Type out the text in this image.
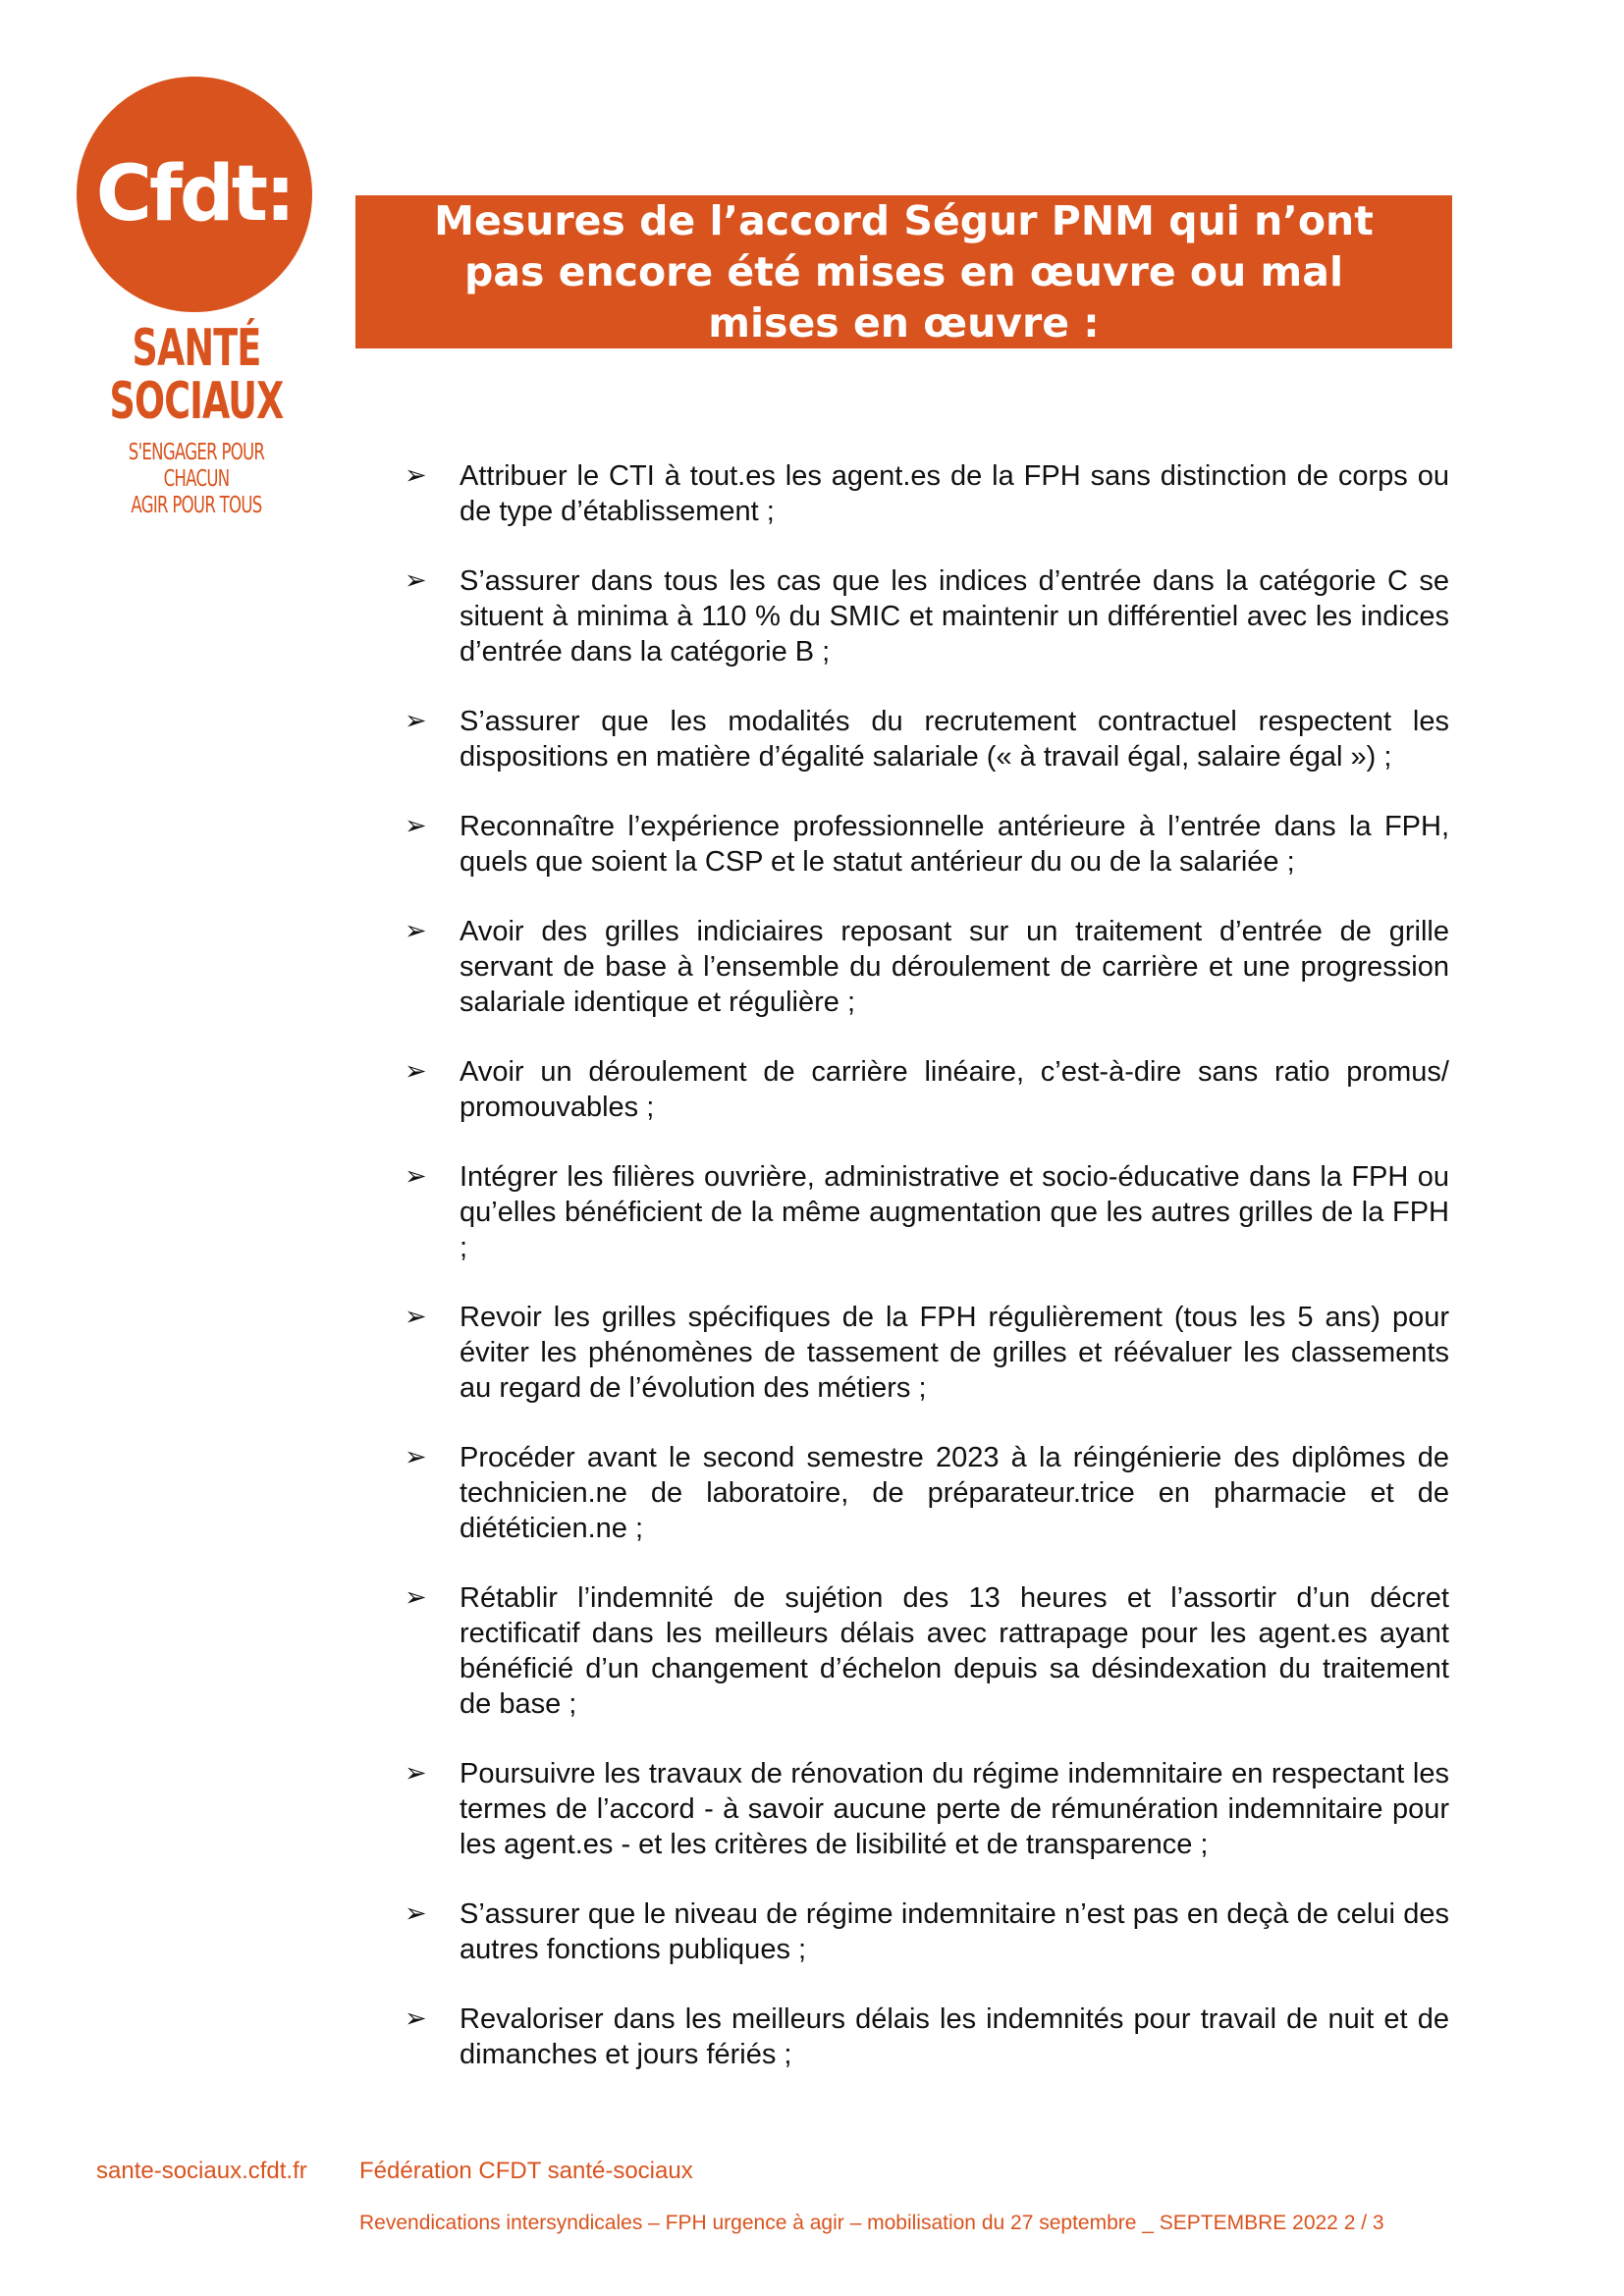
Cfdt:
SANTÉ
SOCIAUX
S'ENGAGER POUR CHACUN
AGIR POUR TOUS
Mesures de l’accord Ségur PNM qui n’ont pas encore été mises en œuvre ou mal mises en œuvre :
➢ Attribuer le CTI à tout.es les agent.es de la FPH sans distinction de corps ou de type d’établissement ;
➢ S’assurer dans tous les cas que les indices d’entrée dans la catégorie C se situent à minima à 110 % du SMIC et maintenir un différentiel avec les indices d’entrée dans la catégorie B ;
➢ S’assurer que les modalités du recrutement contractuel respectent les dispositions en matière d’égalité salariale (« à travail égal, salaire égal ») ;
➢ Reconnaître l’expérience professionnelle antérieure à l’entrée dans la FPH, quels que soient la CSP et le statut antérieur du ou de la salariée ;
➢ Avoir des grilles indiciaires reposant sur un traitement d’entrée de grille servant de base à l’ensemble du déroulement de carrière et une progression salariale identique et régulière ;
➢ Avoir un déroulement de carrière linéaire, c’est-à-dire sans ratio promus/ promouvables ;
➢ Intégrer les filières ouvrière, administrative et socio-éducative dans la FPH ou qu’elles bénéficient de la même augmentation que les autres grilles de la FPH ;
➢ Revoir les grilles spécifiques de la FPH régulièrement (tous les 5 ans) pour éviter les phénomènes de tassement de grilles et réévaluer les classements au regard de l’évolution des métiers ;
➢ Procéder avant le second semestre 2023 à la réingénierie des diplômes de technicien.ne de laboratoire, de préparateur.trice en pharmacie et de diététicien.ne ;
➢ Rétablir l’indemnité de sujétion des 13 heures et l’assortir d’un décret rectificatif dans les meilleurs délais avec rattrapage pour les agent.es ayant bénéficié d’un changement d’échelon depuis sa désindexation du traitement de base ;
➢ Poursuivre les travaux de rénovation du régime indemnitaire en respectant les termes de l’accord - à savoir aucune perte de rémunération indemnitaire pour les agent.es - et les critères de lisibilité et de transparence ;
➢ S’assurer que le niveau de régime indemnitaire n’est pas en deçà de celui des autres fonctions publiques ;
➢ Revaloriser dans les meilleurs délais les indemnités pour travail de nuit et de dimanches et jours fériés ;
sante-sociaux.cfdt.fr Fédération CFDT santé-sociaux
Revendications intersyndicales – FPH urgence à agir – mobilisation du 27 septembre _ SEPTEMBRE 2022 2 / 3
